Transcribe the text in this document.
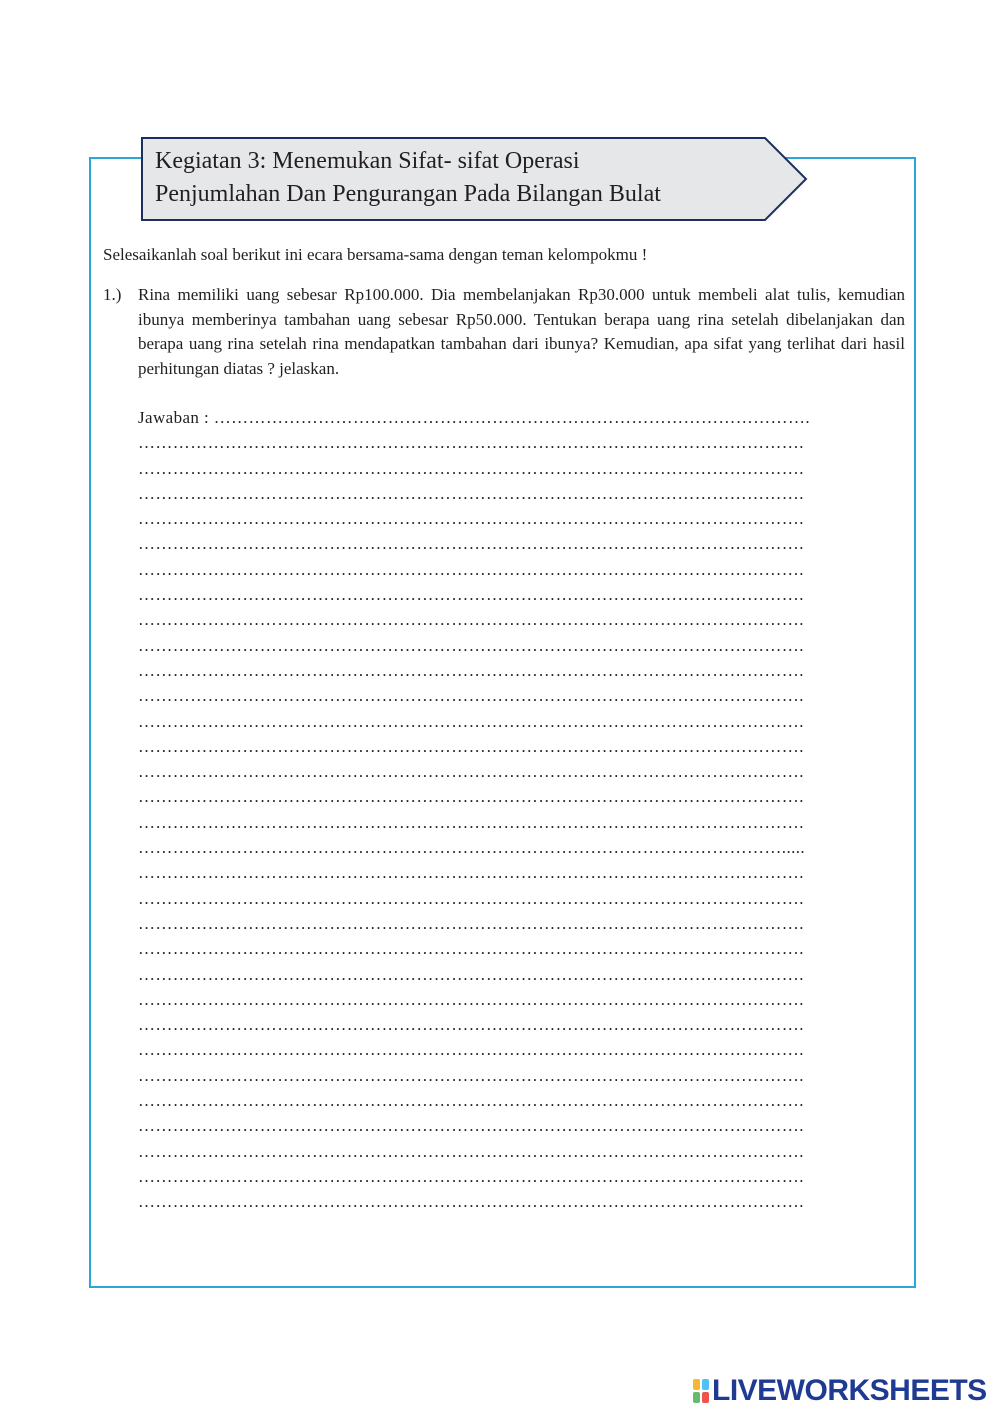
Kegiatan 3: Menemukan Sifat- sifat Operasi
Penjumlahan Dan Pengurangan Pada Bilangan Bulat
Selesaikanlah soal berikut ini ecara bersama-sama dengan teman kelompokmu !
1.) Rina memiliki uang sebesar Rp100.000. Dia membelanjakan Rp30.000 untuk membeli alat tulis, kemudian ibunya memberinya tambahan uang sebesar Rp50.000. Tentukan berapa uang rina setelah dibelanjakan dan berapa uang rina setelah rina mendapatkan tambahan dari ibunya? Kemudian, apa sifat yang terlihat dari hasil perhitungan diatas ? jelaskan.
Jawaban : ………………………………………………………………………………………….
…………………………………………………………………………………………………….
…………………………………………………………………………………………………….
…………………………………………………………………………………………………….
…………………………………………………………………………………………………….
…………………………………………………………………………………………………….
…………………………………………………………………………………………………….
…………………………………………………………………………………………………….
…………………………………………………………………………………………………….
…………………………………………………………………………………………………….
…………………………………………………………………………………………………….
…………………………………………………………………………………………………….
…………………………………………………………………………………………………….
…………………………………………………………………………………………………….
…………………………………………………………………………………………………….
…………………………………………………………………………………………………….
…………………………………………………………………………………………………….
………………………………………………………………………………………………….....
…………………………………………………………………………………………………….
…………………………………………………………………………………………………….
…………………………………………………………………………………………………….
…………………………………………………………………………………………………….
…………………………………………………………………………………………………….
…………………………………………………………………………………………………….
…………………………………………………………………………………………………….
…………………………………………………………………………………………………….
…………………………………………………………………………………………………….
…………………………………………………………………………………………………….
…………………………………………………………………………………………………….
…………………………………………………………………………………………………….
…………………………………………………………………………………………………….
…………………………………………………………………………………………………….
LIVEWORKSHEETS
